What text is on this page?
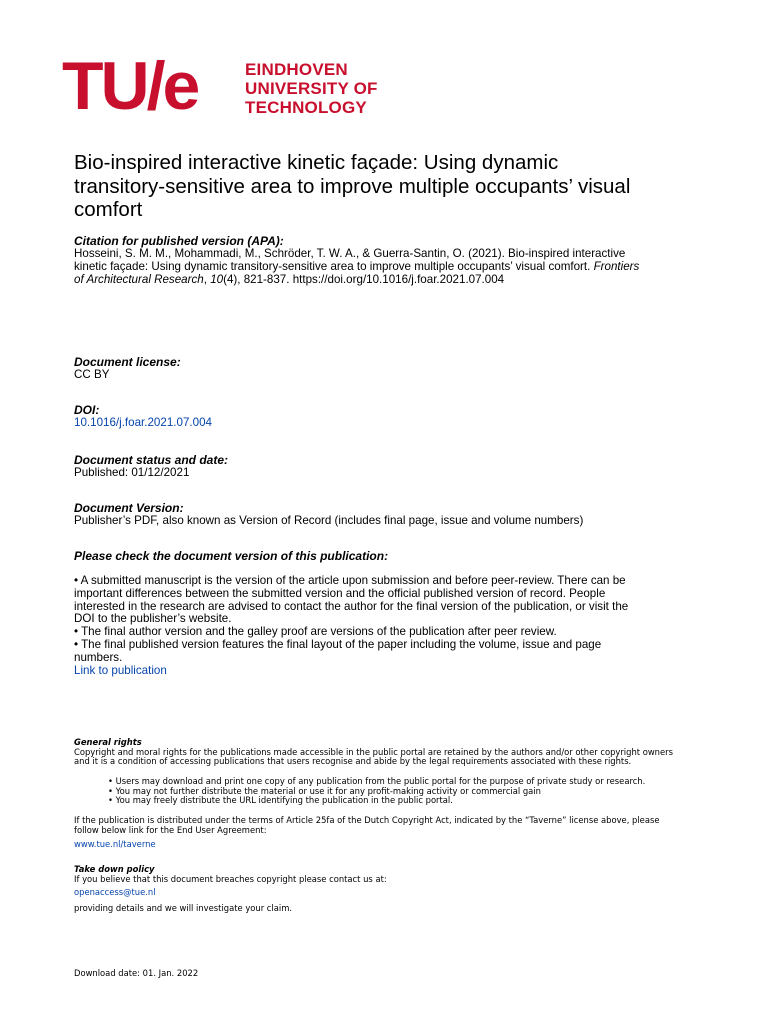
TU/e	EINDHOVEN
UNIVERSITY OF
TECHNOLOGY
Bio-inspired interactive kinetic façade: Using dynamic
transitory-sensitive area to improve multiple occupants’ visual
comfort
Citation for published version (APA):
Hosseini, S. M. M., Mohammadi, M., Schröder, T. W. A., & Guerra-Santin, O. (2021). Bio-inspired interactive
kinetic façade: Using dynamic transitory-sensitive area to improve multiple occupants’ visual comfort. Frontiers
of Architectural Research, 10(4), 821-837. https://doi.org/10.1016/j.foar.2021.07.004
Document license:
CC BY
DOI:
10.1016/j.foar.2021.07.004
Document status and date:
Published: 01/12/2021
Document Version:
Publisher’s PDF, also known as Version of Record (includes final page, issue and volume numbers)
Please check the document version of this publication:
• A submitted manuscript is the version of the article upon submission and before peer-review. There can be
important differences between the submitted version and the official published version of record. People
interested in the research are advised to contact the author for the final version of the publication, or visit the
DOI to the publisher’s website.
• The final author version and the galley proof are versions of the publication after peer review.
• The final published version features the final layout of the paper including the volume, issue and page
numbers.
Link to publication
General rights
Copyright and moral rights for the publications made accessible in the public portal are retained by the authors and/or other copyright owners
and it is a condition of accessing publications that users recognise and abide by the legal requirements associated with these rights.
• Users may download and print one copy of any publication from the public portal for the purpose of private study or research.
• You may not further distribute the material or use it for any profit-making activity or commercial gain
• You may freely distribute the URL identifying the publication in the public portal.
If the publication is distributed under the terms of Article 25fa of the Dutch Copyright Act, indicated by the “Taverne” license above, please
follow below link for the End User Agreement:
www.tue.nl/taverne
Take down policy
If you believe that this document breaches copyright please contact us at:
openaccess@tue.nl
providing details and we will investigate your claim.
Download date: 01. Jan. 2022
